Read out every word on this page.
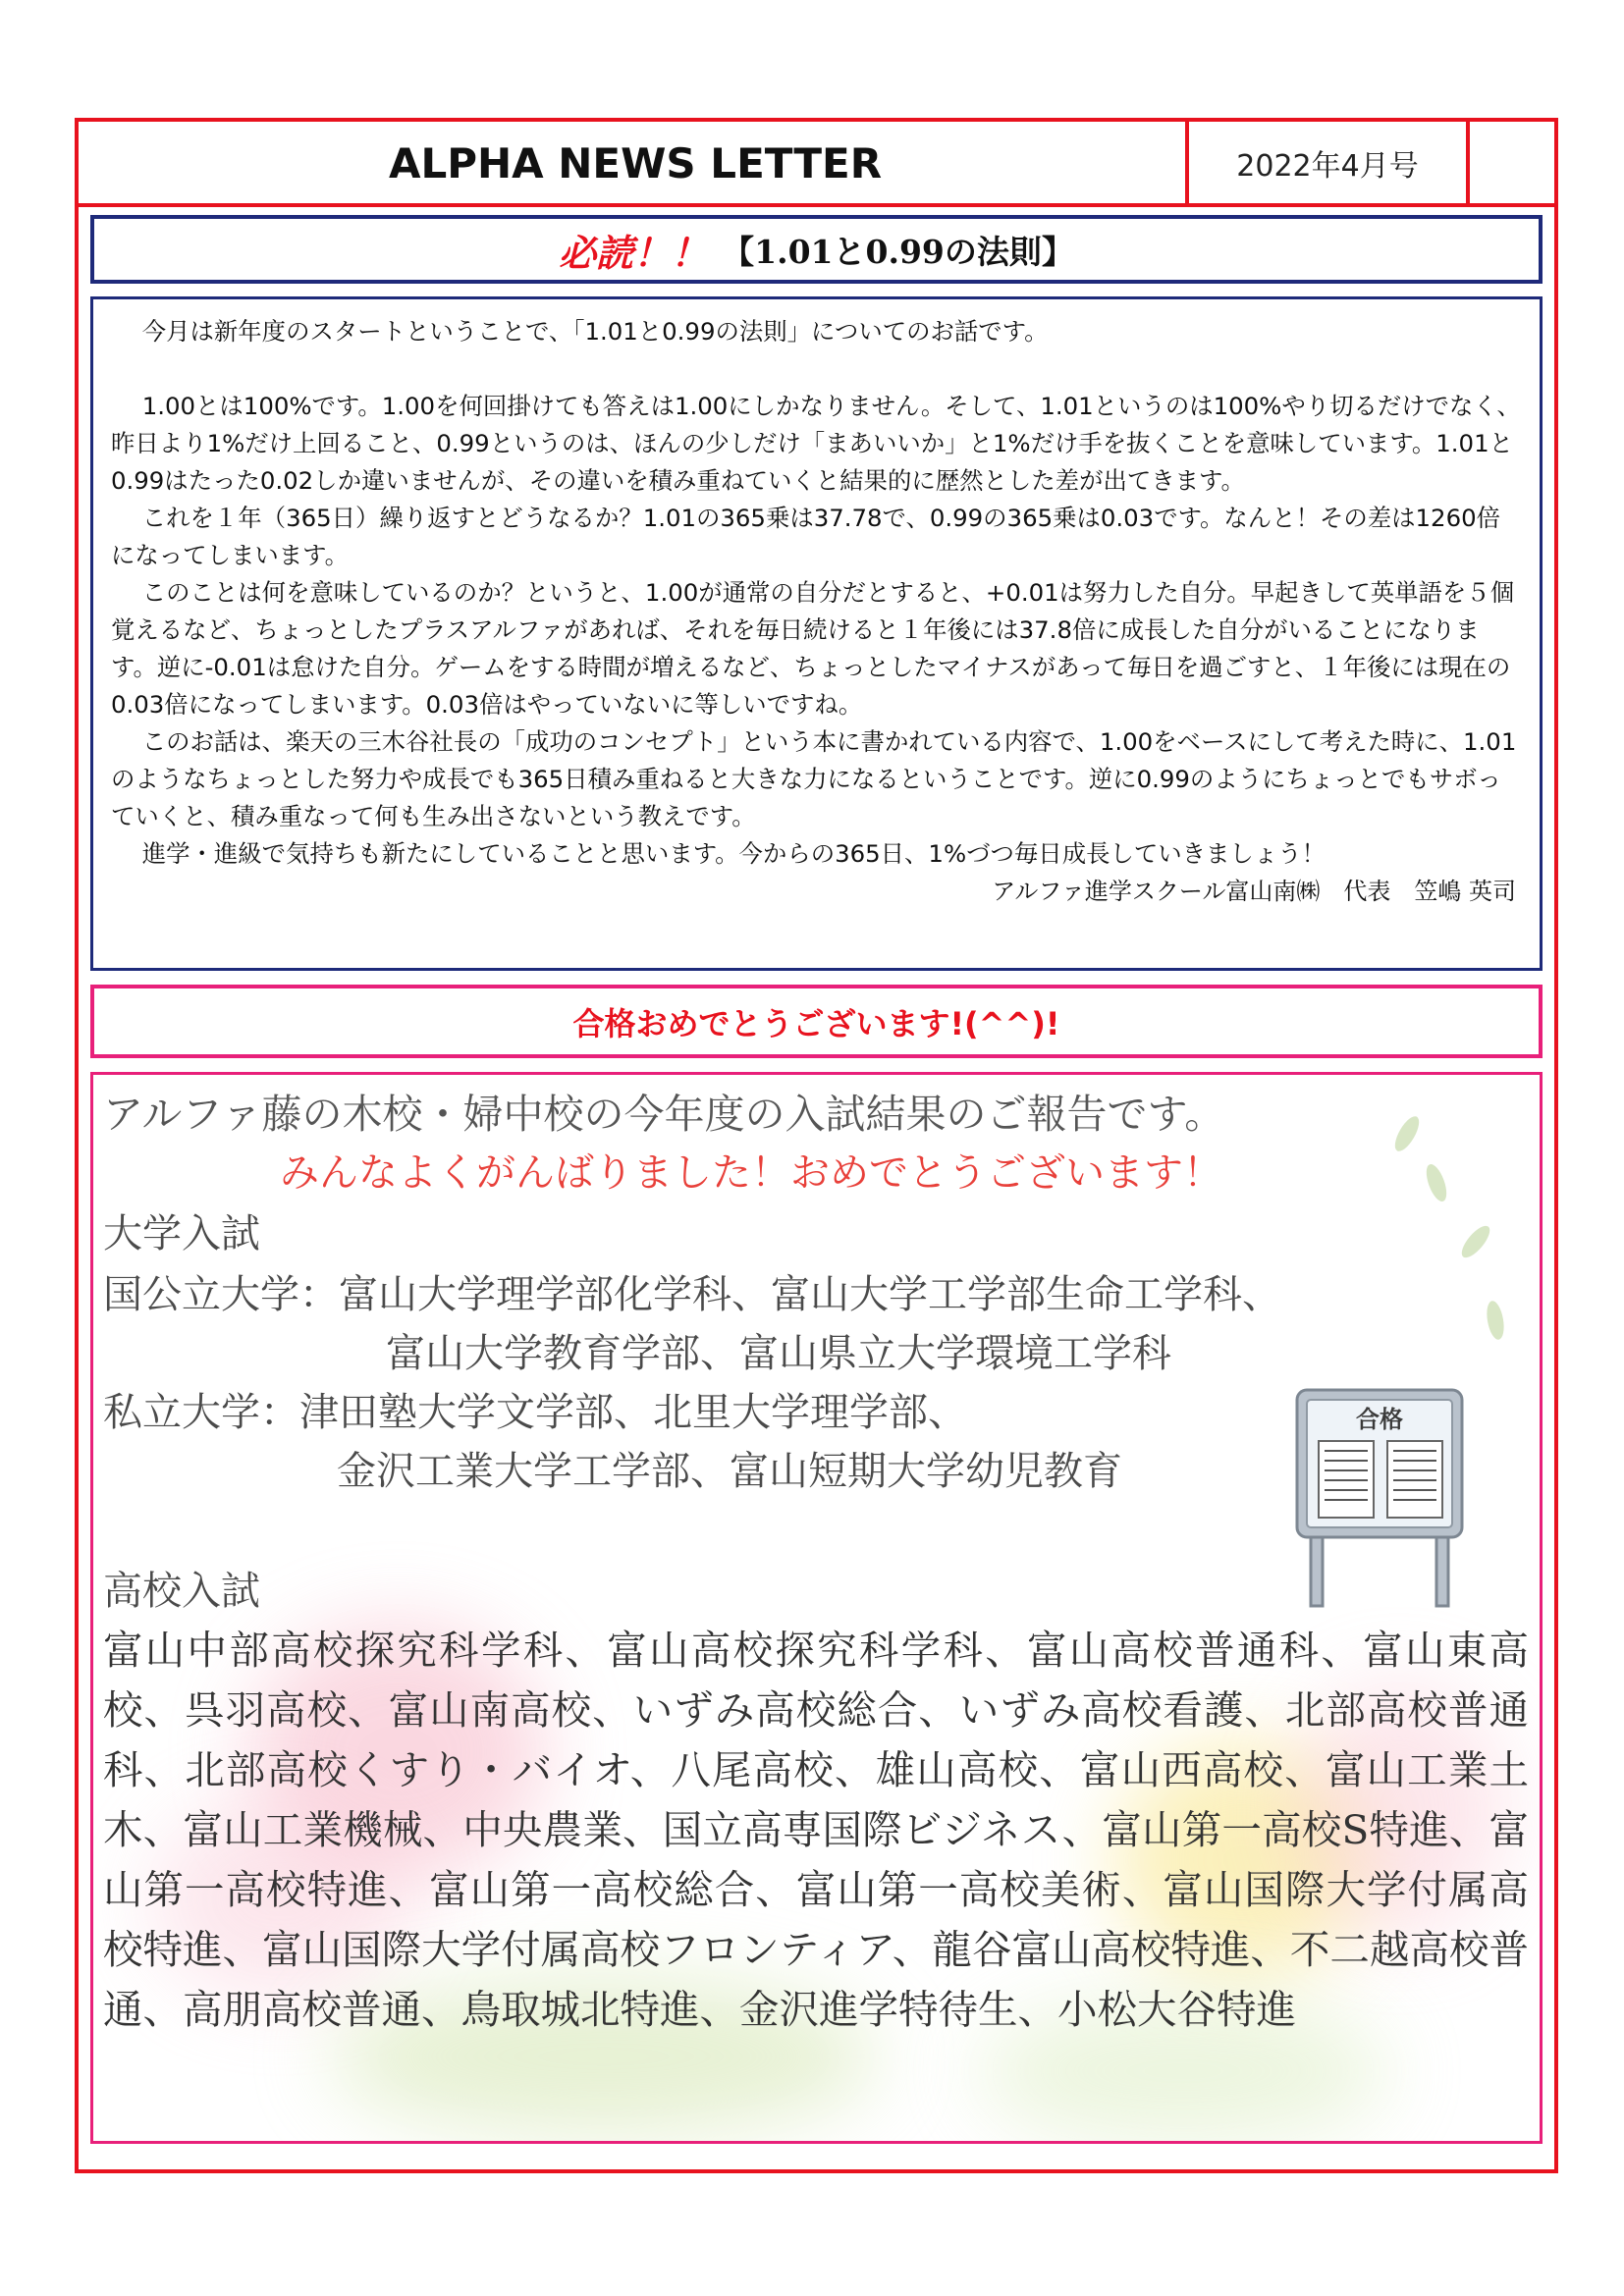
ALPHA NEWS LETTER	2022年4月号
必読！！ 【1.01と0.99の法則】

今月は新年度のスタートということで、「1.01と0.99の法則」についてのお話です。

1.00とは100%です。1.00を何回掛けても答えは1.00にしかなりません。そして、1.01というのは100%やり切るだけでなく、昨日より1%だけ上回ること、0.99というのは、ほんの少しだけ「まあいいか」と1%だけ手を抜くことを意味しています。1.01と0.99はたった0.02しか違いませんが、その違いを積み重ねていくと結果的に歴然とした差が出てきます。

これを１年（365日）繰り返すとどうなるか？1.01の365乗は37.78で、0.99の365乗は0.03です。なんと！その差は1260倍になってしまいます。

このことは何を意味しているのか？というと、1.00が通常の自分だとすると、+0.01は努力した自分。早起きして英単語を５個覚えるなど、ちょっとしたプラスアルファがあれば、それを毎日続けると１年後には37.8倍に成長した自分がいることになります。逆に-0.01は怠けた自分。ゲームをする時間が増えるなど、ちょっとしたマイナスがあって毎日を過ごすと、１年後には現在の0.03倍になってしまいます。0.03倍はやっていないに等しいですね。

このお話は、楽天の三木谷社長の「成功のコンセプト」という本に書かれている内容で、1.00をベースにして考えた時に、1.01のようなちょっとした努力や成長でも365日積み重ねると大きな力になるということです。逆に0.99のようにちょっとでもサボっていくと、積み重なって何も生み出さないという教えです。

進学・進級で気持ちも新たにしていることと思います。今からの365日、1%づつ毎日成長していきましょう！

アルファ進学スクール富山南㈱　代表　笠嶋 英司
合格おめでとうございます!(^^)!
アルファ藤の木校・婦中校の今年度の入試結果のご報告です。
みんなよくがんばりました！おめでとうございます！
大学入試
国公立大学：富山大学理学部化学科、富山大学工学部生命工学科、
富山大学教育学部、富山県立大学環境工学科
私立大学：津田塾大学文学部、北里大学理学部、
金沢工業大学工学部、富山短期大学幼児教育
高校入試
富山中部高校探究科学科、富山高校探究科学科、富山高校普通科、富山東高校、呉羽高校、富山南高校、いずみ高校総合、いずみ高校看護、北部高校普通科、北部高校くすり・バイオ、八尾高校、雄山高校、富山西高校、富山工業土木、富山工業機械、中央農業、国立高専国際ビジネス、富山第一高校S特進、富山第一高校特進、富山第一高校総合、富山第一高校美術、富山国際大学付属高校特進、富山国際大学付属高校フロンティア、龍谷富山高校特進、不二越高校普通、高朋高校普通、鳥取城北特進、金沢進学特待生、小松大谷特進
合格
